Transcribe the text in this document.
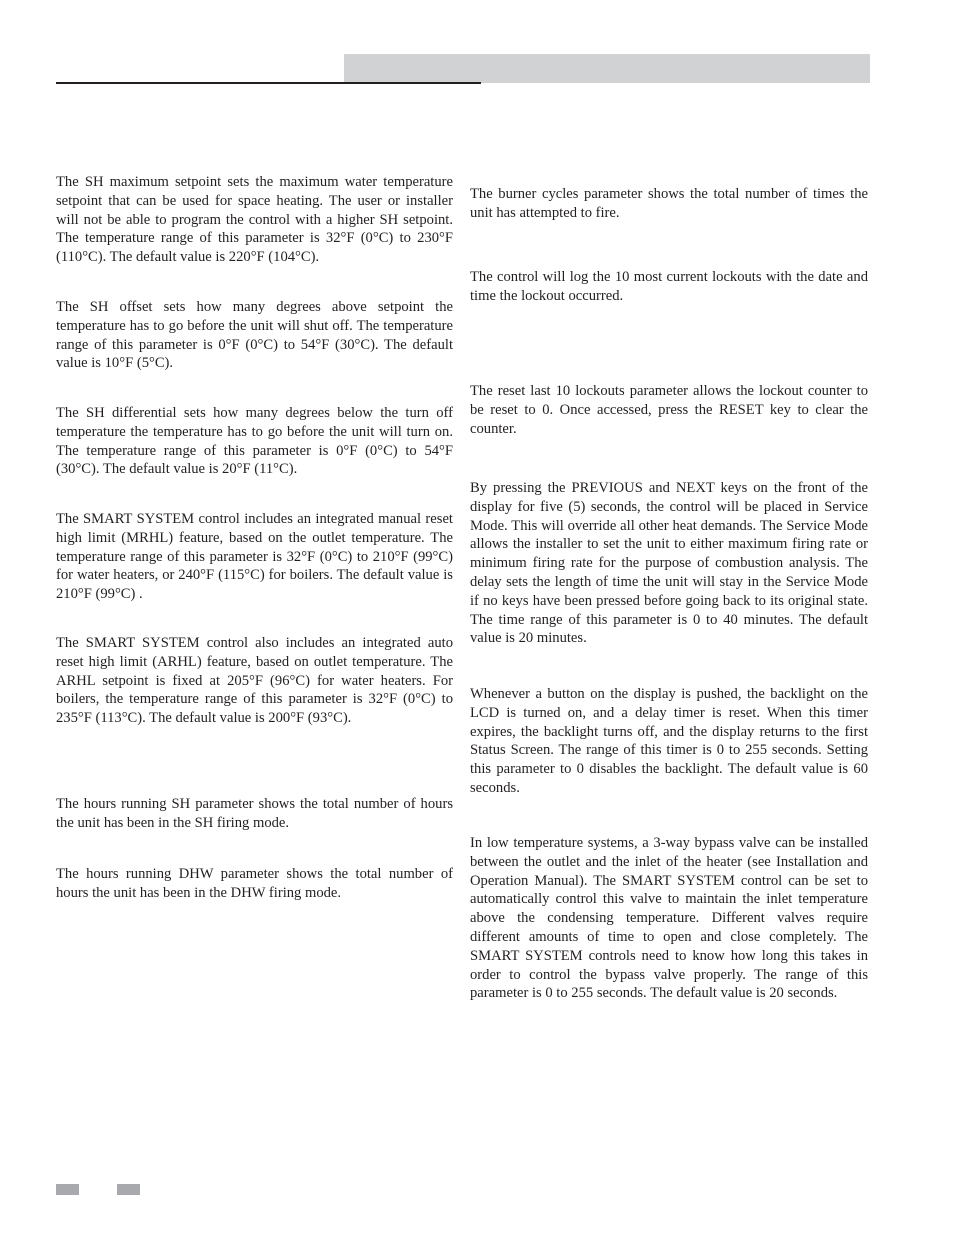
The SH maximum setpoint sets the maximum water temperature setpoint that can be used for space heating. The user or installer will not be able to program the control with a higher SH setpoint. The temperature range of this parameter is 32°F (0°C) to 230°F (110°C). The default value is 220°F (104°C).

The SH offset sets how many degrees above setpoint the temperature has to go before the unit will shut off. The temperature range of this parameter is 0°F (0°C) to 54°F (30°C). The default value is 10°F (5°C).

The SH differential sets how many degrees below the turn off temperature the temperature has to go before the unit will turn on. The temperature range of this parameter is 0°F (0°C) to 54°F (30°C). The default value is 20°F (11°C).

The SMART SYSTEM control includes an integrated manual reset high limit (MRHL) feature, based on the outlet temperature. The temperature range of this parameter is 32°F (0°C) to 210°F (99°C) for water heaters, or 240°F (115°C) for boilers. The default value is 210°F (99°C) .

The SMART SYSTEM control also includes an integrated auto reset high limit (ARHL) feature, based on outlet temperature. The ARHL setpoint is fixed at 205°F (96°C) for water heaters. For boilers, the temperature range of this parameter is 32°F (0°C) to 235°F (113°C). The default value is 200°F (93°C).

The hours running SH parameter shows the total number of hours the unit has been in the SH firing mode.

The hours running DHW parameter shows the total number of hours the unit has been in the DHW firing mode.

The burner cycles parameter shows the total number of times the unit has attempted to fire.

The control will log the 10 most current lockouts with the date and time the lockout occurred.

The reset last 10 lockouts parameter allows the lockout counter to be reset to 0. Once accessed, press the RESET key to clear the counter.

By pressing the PREVIOUS and NEXT keys on the front of the display for five (5) seconds, the control will be placed in Service Mode. This will override all other heat demands. The Service Mode allows the installer to set the unit to either maximum firing rate or minimum firing rate for the purpose of combustion analysis. The delay sets the length of time the unit will stay in the Service Mode if no keys have been pressed before going back to its original state. The time range of this parameter is 0 to 40 minutes. The default value is 20 minutes.

Whenever a button on the display is pushed, the backlight on the LCD is turned on, and a delay timer is reset. When this timer expires, the backlight turns off, and the display returns to the first Status Screen. The range of this timer is 0 to 255 seconds. Setting this parameter to 0 disables the backlight. The default value is 60 seconds.

In low temperature systems, a 3-way bypass valve can be installed between the outlet and the inlet of the heater (see Installation and Operation Manual). The SMART SYSTEM control can be set to automatically control this valve to maintain the inlet temperature above the condensing temperature. Different valves require different amounts of time to open and close completely. The SMART SYSTEM controls need to know how long this takes in order to control the bypass valve properly. The range of this parameter is 0 to 255 seconds. The default value is 20 seconds.
